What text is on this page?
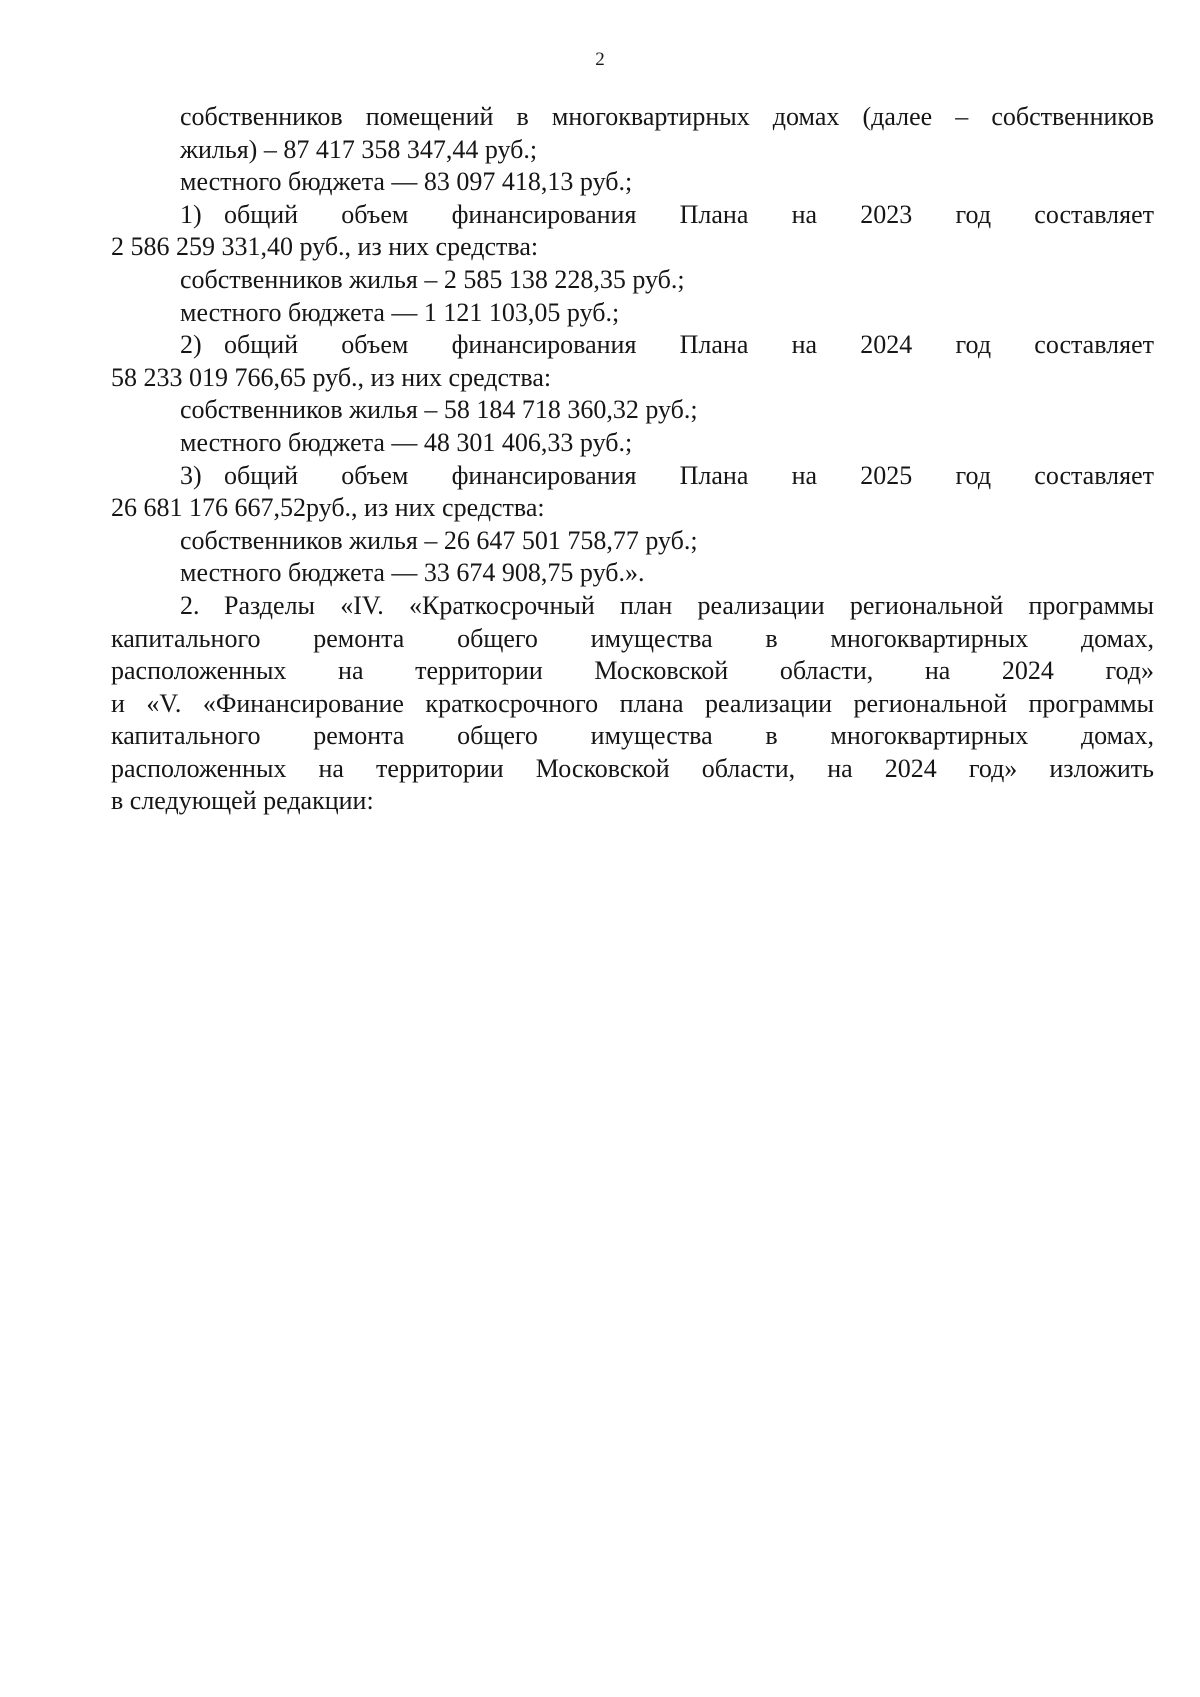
2
собственников помещений в многоквартирных домах (далее – собственников
жилья) – 87 417 358 347,44 руб.;
местного бюджета — 83 097 418,13 руб.;
1) общий объем финансирования Плана на 2023 год составляет
2 586 259 331,40 руб., из них средства:
собственников жилья – 2 585 138 228,35 руб.;
местного бюджета — 1 121 103,05 руб.;
2) общий объем финансирования Плана на 2024 год составляет
58 233 019 766,65 руб., из них средства:
собственников жилья – 58 184 718 360,32 руб.;
местного бюджета — 48 301 406,33 руб.;
3) общий объем финансирования Плана на 2025 год составляет
26 681 176 667,52руб., из них средства:
собственников жилья – 26 647 501 758,77 руб.;
местного бюджета — 33 674 908,75 руб.».
2. Разделы «IV. «Краткосрочный план реализации региональной программы
капитального ремонта общего имущества в многоквартирных домах,
расположенных на территории Московской области, на 2024 год»
и «V. «Финансирование краткосрочного плана реализации региональной программы
капитального ремонта общего имущества в многоквартирных домах,
расположенных на территории Московской области, на 2024 год» изложить
в следующей редакции:
